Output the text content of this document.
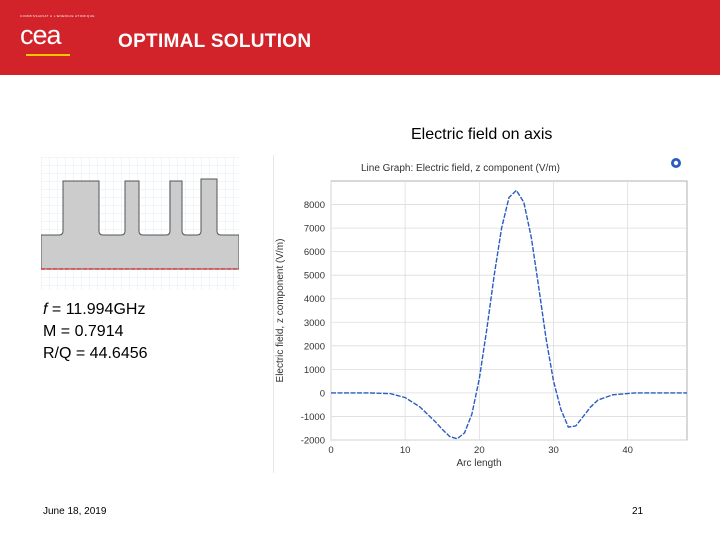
COMMISSARIAT A L'ENERGIE ATOMIQUE
cea	OPTIMAL SOLUTION
Electric field on axis
f = 11.994GHz
M = 0.7914
R/Q = 44.6456
Line Graph: Electric field, z component (V/m)
8000
7000
6000
5000
4000
3000
2000
1000
0
-1000
-2000
0	10	20	30	40
Arc length
Electric field, z component (V/m)
June 18, 2019	21
